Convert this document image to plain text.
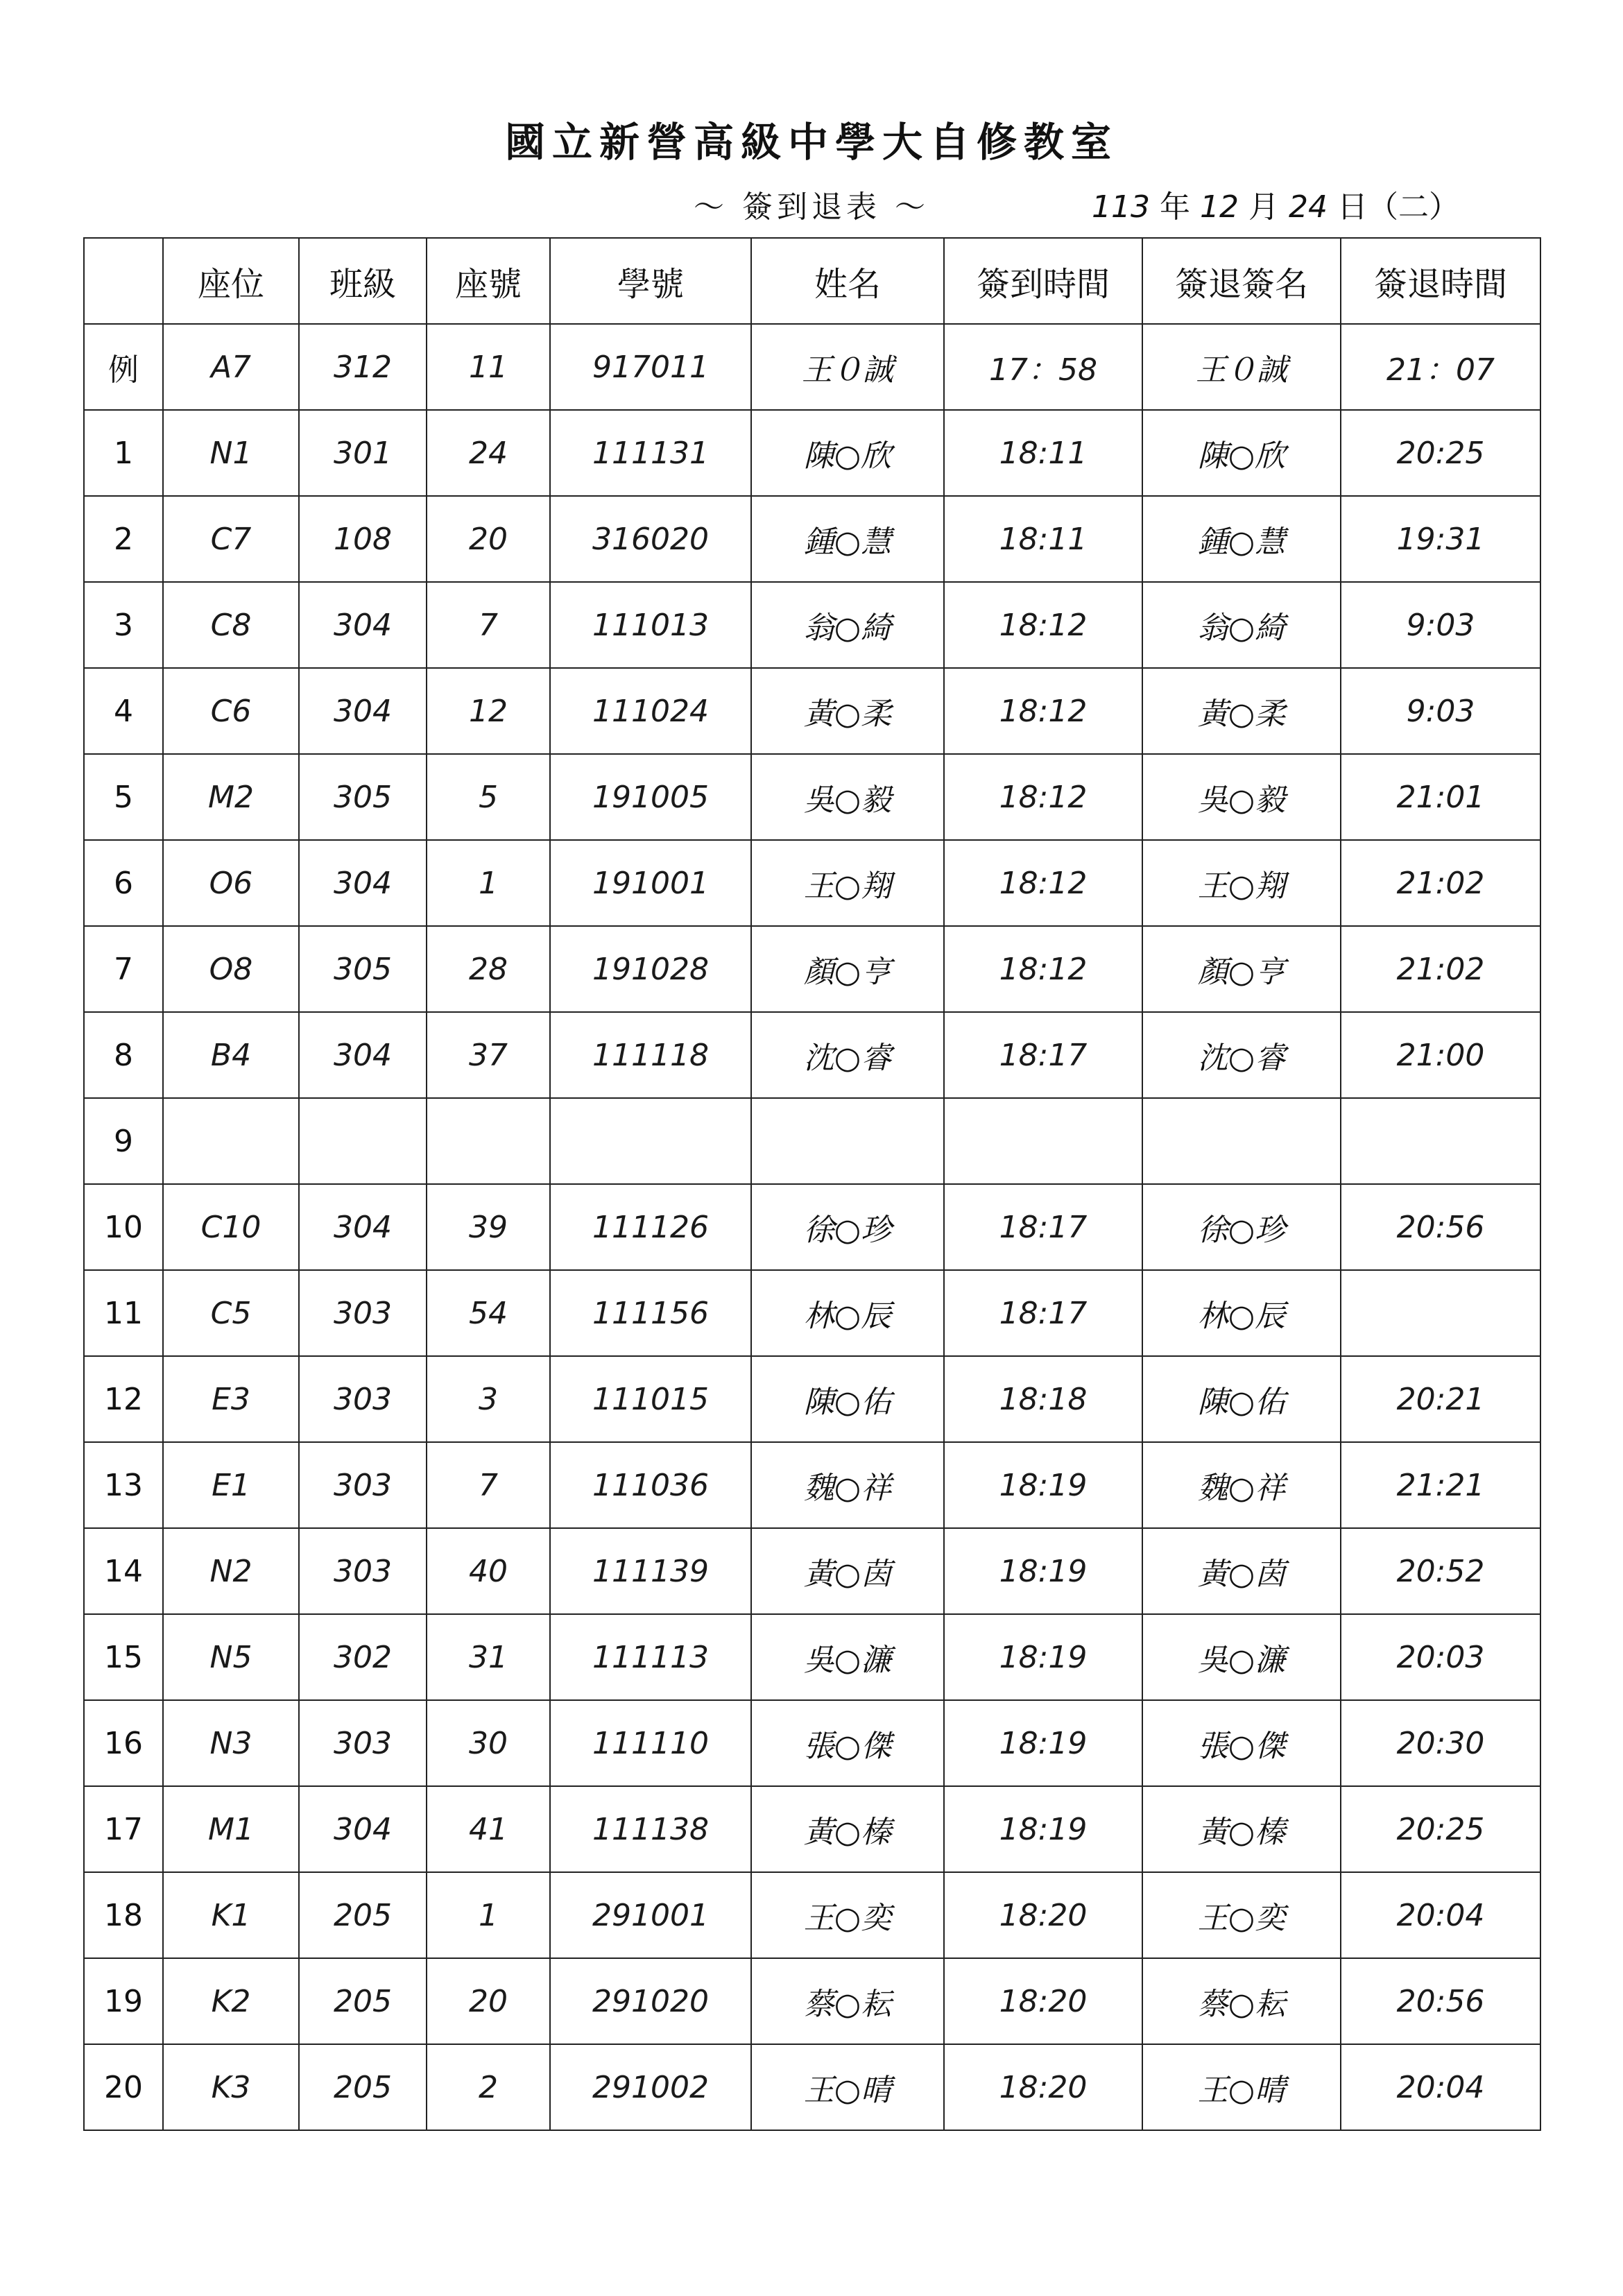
國立新營高級中學大自修教室
～ 簽到退表 ～	113 年 12 月 24 日（二）
	座位	班級	座號	學號	姓名	簽到時間	簽退簽名	簽退時間
例	A7	312	11	917011	王０誠	17：58	王０誠	21：07
1	N1	301	24	111131	陳○欣	18:11	陳○欣	20:25
2	C7	108	20	316020	鍾○慧	18:11	鍾○慧	19:31
3	C8	304	7	111013	翁○綺	18:12	翁○綺	9:03
4	C6	304	12	111024	黃○柔	18:12	黃○柔	9:03
5	M2	305	5	191005	吳○毅	18:12	吳○毅	21:01
6	O6	304	1	191001	王○翔	18:12	王○翔	21:02
7	O8	305	28	191028	顏○亨	18:12	顏○亨	21:02
8	B4	304	37	111118	沈○睿	18:17	沈○睿	21:00
9								
10	C10	304	39	111126	徐○珍	18:17	徐○珍	20:56
11	C5	303	54	111156	林○辰	18:17	林○辰	
12	E3	303	3	111015	陳○佑	18:18	陳○佑	20:21
13	E1	303	7	111036	魏○祥	18:19	魏○祥	21:21
14	N2	303	40	111139	黃○茵	18:19	黃○茵	20:52
15	N5	302	31	111113	吳○濂	18:19	吳○濂	20:03
16	N3	303	30	111110	張○傑	18:19	張○傑	20:30
17	M1	304	41	111138	黃○榛	18:19	黃○榛	20:25
18	K1	205	1	291001	王○奕	18:20	王○奕	20:04
19	K2	205	20	291020	蔡○耘	18:20	蔡○耘	20:56
20	K3	205	2	291002	王○晴	18:20	王○晴	20:04
